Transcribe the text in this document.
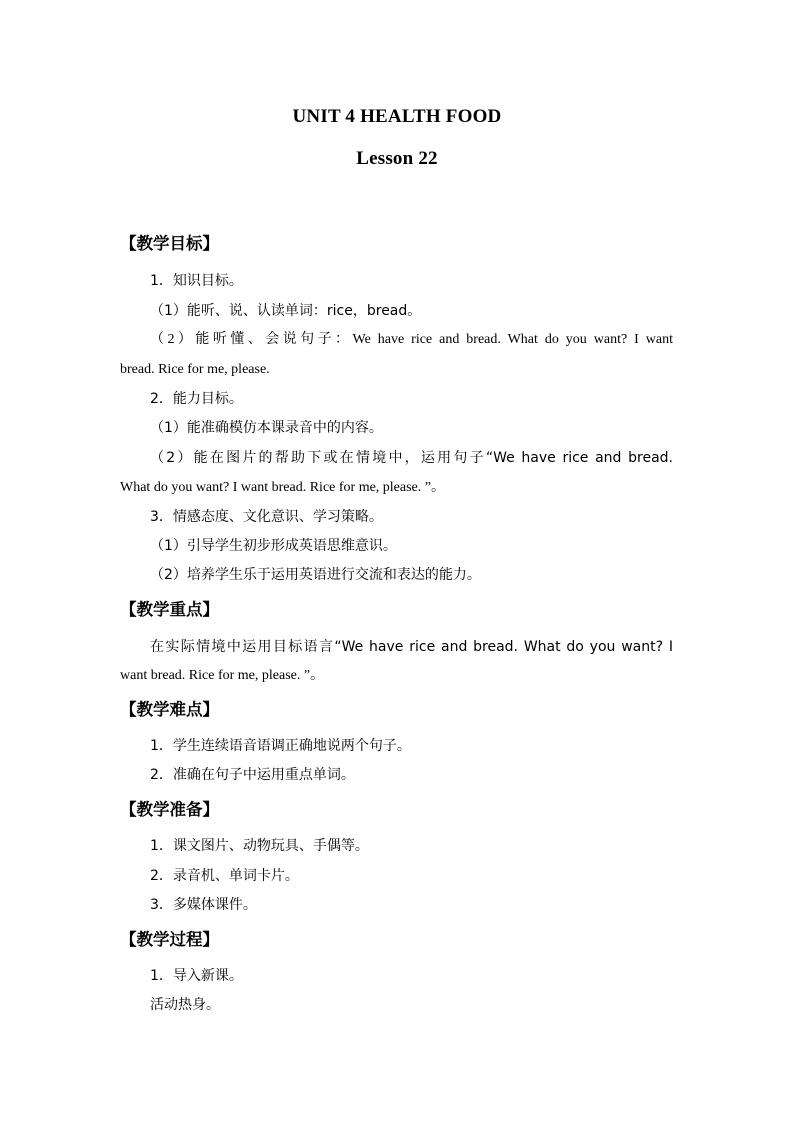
UNIT 4 HEALTH FOOD
Lesson 22
【教学目标】
1．知识目标。
（1）能听、说、认读单词：rice，bread。
（2）能听懂、会说句子：We have rice and bread. What do you want? I want
bread. Rice for me, please.
2．能力目标。
（1）能准确模仿本课录音中的内容。
（2）能在图片的帮助下或在情境中，运用句子“We have rice and bread.
What do you want? I want bread. Rice for me, please. ”。
3．情感态度、文化意识、学习策略。
（1）引导学生初步形成英语思维意识。
（2）培养学生乐于运用英语进行交流和表达的能力。
【教学重点】
在实际情境中运用目标语言“We have rice and bread. What do you want? I
want bread. Rice for me, please. ”。
【教学难点】
1．学生连续语音语调正确地说两个句子。
2．准确在句子中运用重点单词。
【教学准备】
1．课文图片、动物玩具、手偶等。
2．录音机、单词卡片。
3．多媒体课件。
【教学过程】
1．导入新课。
活动热身。
